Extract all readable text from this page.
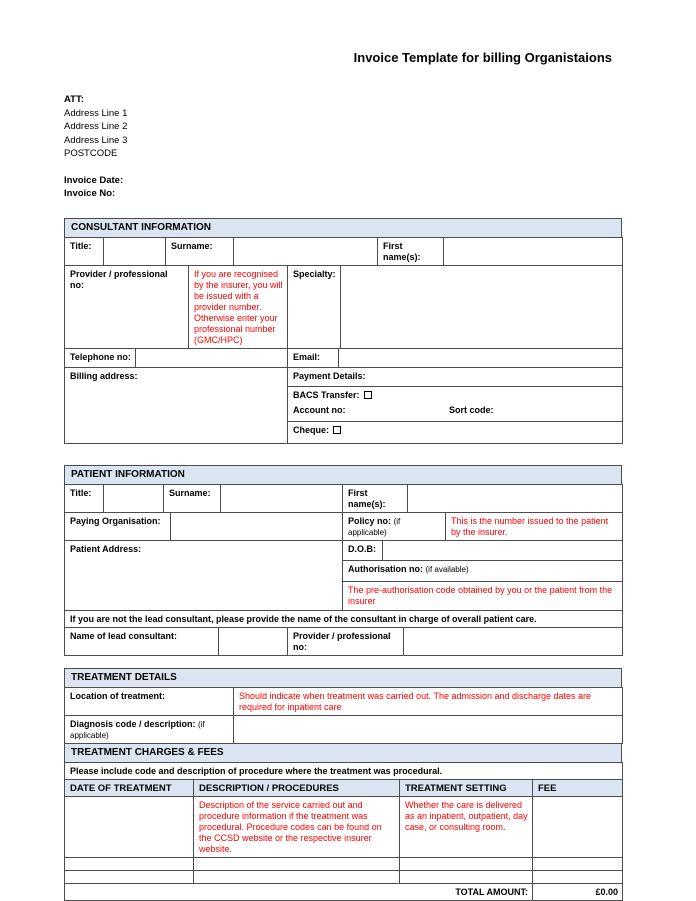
Invoice Template for billing Organistaions
ATT:
Address Line 1
Address Line 2
Address Line 3
POSTCODE
Invoice Date:
Invoice No:
CONSULTANT INFORMATION
Title:		Surname:		First name(s):	
Provider / professional no:	If you are recognised by the insurer, you will be issued with a provider number. Otherwise enter your professional number (GMC/HPC)	Specialty:	
Telephone no:		Email:	
Billing address:	Payment Details:

BACS Transfer:
Account no:	Sort code:

Cheque:
PATIENT INFORMATION
Title:		Surname:		First name(s):	
Paying Organisation:		Policy no: (if applicable)	This is the number issued to the patient by the insurer.
Patient Address:	D.O.B:	
Authorisation no: (if available)
The pre-authorisation code obtained by you or the patient from the insurer
If you are not the lead consultant, please provide the name of the consultant in charge of overall patient care.
Name of lead consultant:		Provider / professional no:	
TREATMENT DETAILS
Location of treatment:	Should indicate when treatment was carried out. The admission and discharge dates are required for inpatient care
Diagnosis code / description: (if applicable)	
TREATMENT CHARGES & FEES
Please include code and description of procedure where the treatment was procedural.
DATE OF TREATMENT	DESCRIPTION / PROCEDURES	TREATMENT SETTING	FEE
	Description of the service carried out and procedure information if the treatment was procedural. Procedure codes can be found on the CCSD website or the respective insurer website.	Whether the care is delivered as an inpatient, outpatient, day case, or consulting room.	

TOTAL AMOUNT:			£0.00
